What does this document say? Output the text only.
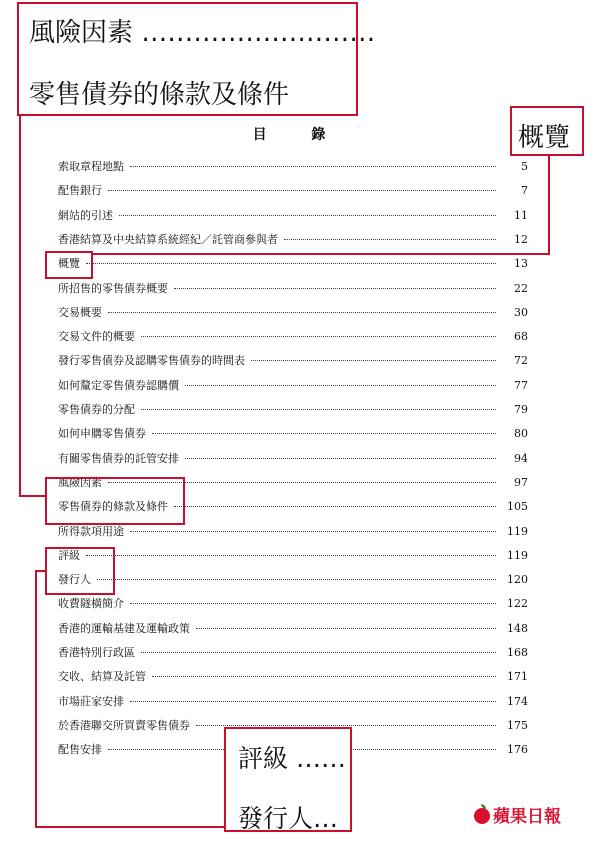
目 錄
索取章程地點	5
配售銀行	7
網站的引述	11
香港結算及中央結算系統經紀／託管商參與者	12
概覽	13
所招售的零售債券概要	22
交易概要	30
交易文件的概要	68
發行零售債券及認購零售債券的時間表	72
如何釐定零售債券認購價	77
零售債券的分配	79
如何申購零售債券	80
有關零售債券的託管安排	94
風險因素	97
零售債券的條款及條件	105
所得款項用途	119
評級	119
發行人	120
收費隧橫簡介	122
香港的運輸基建及運輸政策	148
香港特別行政區	168
交收、結算及託管	171
市場莊家安排	174
於香港聯交所買賣零售債券	175
配售安排	176
風險因素 ………………………
零售債券的條款及條件
概覽
評級 ……
發行人…	蘋果日報
